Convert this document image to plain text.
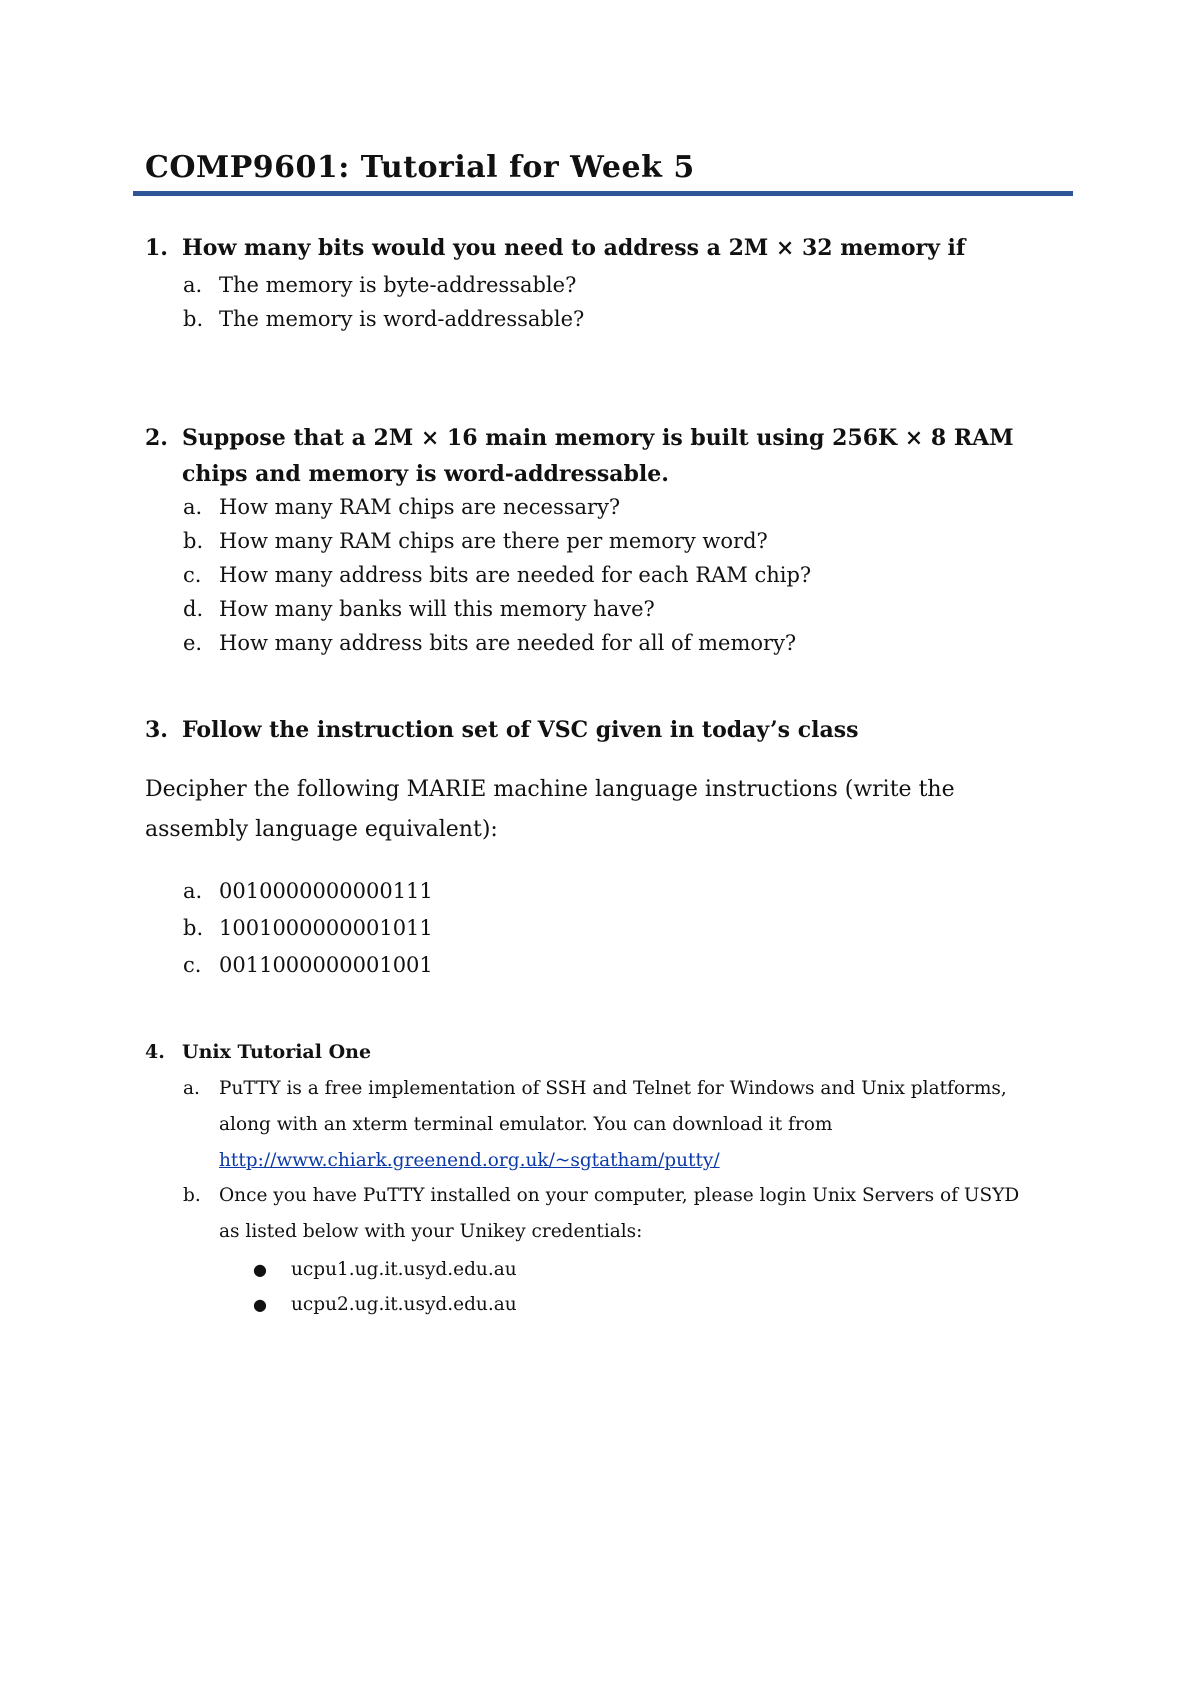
COMP9601: Tutorial for Week 5

1. How many bits would you need to address a 2M × 32 memory if

a. The memory is byte-addressable?

b. The memory is word-addressable?

2. Suppose that a 2M × 16 main memory is built using 256K × 8 RAM
chips and memory is word-addressable.

a. How many RAM chips are necessary?

b. How many RAM chips are there per memory word?

c. How many address bits are needed for each RAM chip?

d. How many banks will this memory have?

e. How many address bits are needed for all of memory?

3. Follow the instruction set of VSC given in today’s class

Decipher the following MARIE machine language instructions (write the assembly language equivalent):

a. 0010000000000111

b. 1001000000001011

c. 0011000000001001

4. Unix Tutorial One

a.	PuTTY is a free implementation of SSH and Telnet for Windows and Unix platforms, along with an xterm terminal emulator. You can download it from
http://www.chiark.greenend.org.uk/~sgtatham/putty/
b. Once you have PuTTY installed on your computer, please login Unix Servers of USYD as listed below with your Unikey credentials:

● ucpu1.ug.it.usyd.edu.au

● ucpu2.ug.it.usyd.edu.au
